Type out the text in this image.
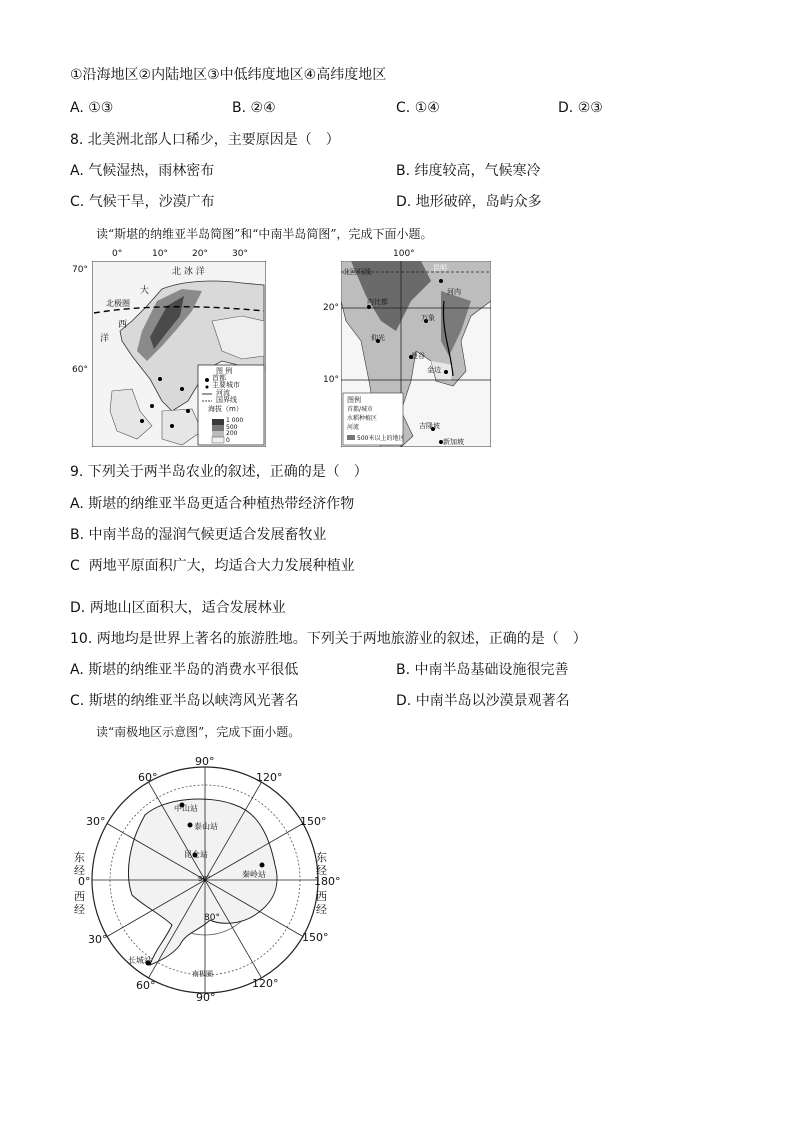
①沿海地区②内陆地区③中低纬度地区④高纬度地区
A. ①③	B. ②④	C. ①④	D. ②③
8. 北美洲北部人口稀少，主要原因是（　）
A. 气候湿热，雨林密布	B. 纬度较高，气候寒冷
C. 气候干旱，沙漠广布	D. 地形破碎，岛屿众多
读“斯堪的纳维亚半岛简图”和“中南半岛简图”，完成下面小题。
0°	10°	20°	30°
70°
60°
北 冰 洋
大
西
洋
北极圈
图 例
首都
主要城市
河流
国界线
海拔（m）
1 000
500
200
0
100°
20°
10°
北回归线	昆明
河内
内比都
仰光
万象
曼谷
金边
吉隆坡
新加坡
图例
首都/城市
水稻种植区
河流
500米以上的地区
9. 下列关于两半岛农业的叙述，正确的是（　）
A. 斯堪的纳维亚半岛更适合种植热带经济作物
B. 中南半岛的湿润气候更适合发展畜牧业
C 两地平原面积广大，均适合大力发展种植业
D. 两地山区面积大，适合发展林业
10. 两地均是世界上著名的旅游胜地。下列关于两地旅游业的叙述，正确的是（　）
A. 斯堪的纳维亚半岛的消费水平很低	B. 中南半岛基础设施很完善
C. 斯堪的纳维亚半岛以峡湾风光著名	D. 中南半岛以沙漠景观著名
读“南极地区示意图”，完成下面小题。
90°
60°	120°
30°	150°
30°	150°
60°	120°
90°
0°	180°
东
经
西
经
东
经
西
经
中山站
泰山站
昆仑站
秦岭站
长城站
80°
南极圈
90°
